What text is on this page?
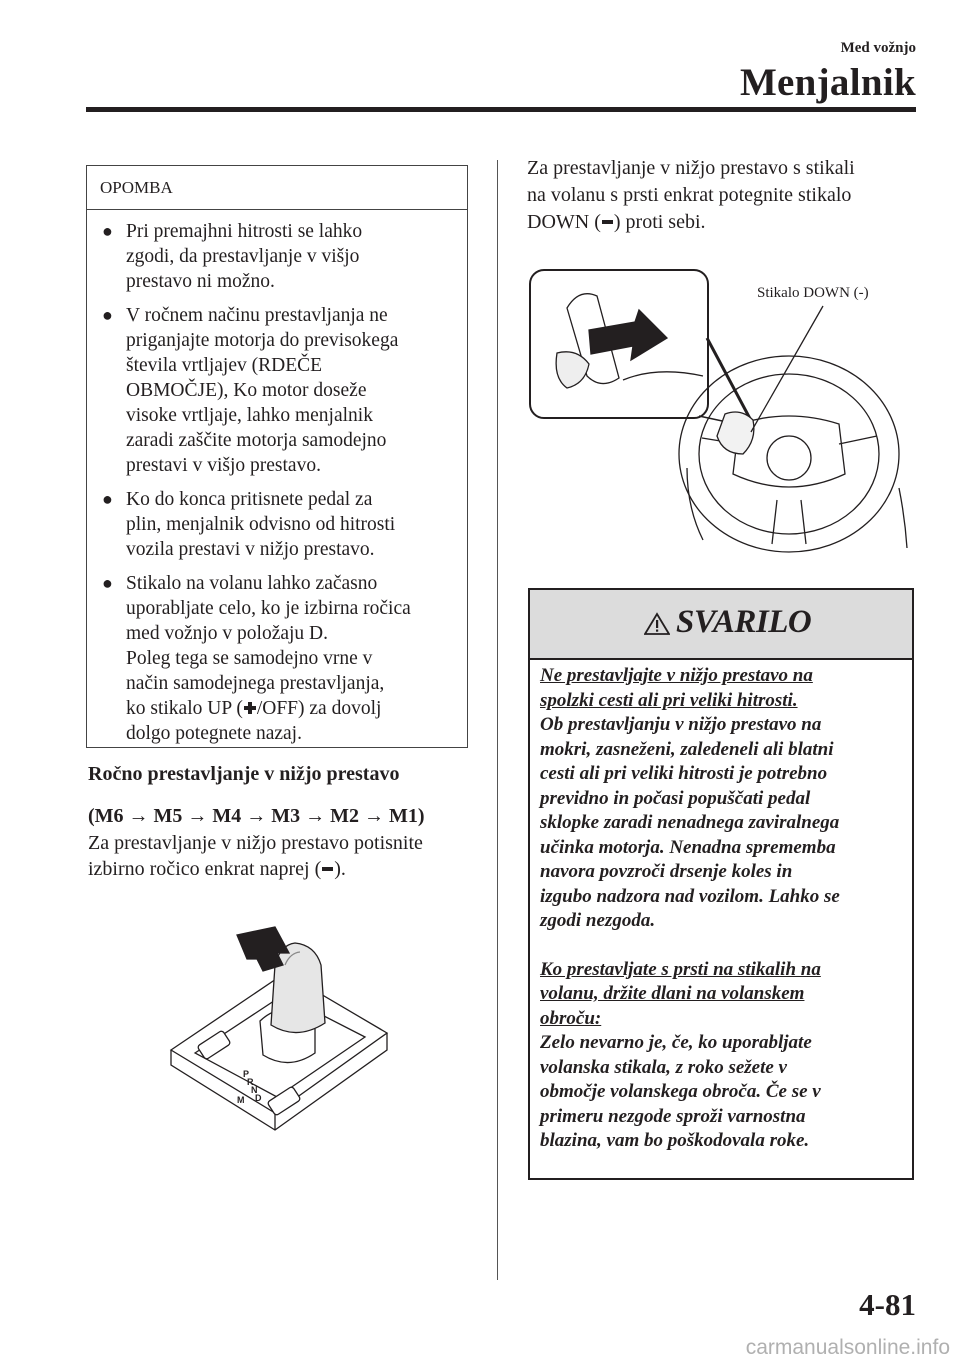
Med vožnjo
Menjalnik
OPOMBA
● Pri premajhni hitrosti se lahko
zgodi, da prestavljanje v višjo
prestavo ni možno.
● V ročnem načinu prestavljanja ne
priganjajte motorja do previsokega
števila vrtljajev (RDEČE
OBMOČJE), Ko motor doseže
visoke vrtljaje, lahko menjalnik
zaradi zaščite motorja samodejno
prestavi v višjo prestavo.
● Ko do konca pritisnete pedal za
plin, menjalnik odvisno od hitrosti
vozila prestavi v nižjo prestavo.
● Stikalo na volanu lahko začasno
uporabljate celo, ko je izbirna ročica
med vožnjo v položaju D.
Poleg tega se samodejno vrne v
način samodejnega prestavljanja,
ko stikalo UP ( /OFF) za dovolj
dolgo potegnete nazaj.
Ročno prestavljanje v nižjo prestavo
(M6 → M5 → M4 → M3 → M2 → M1)
Za prestavljanje v nižjo prestavo potisnite
izbirno ročico enkrat naprej ( ).
P
R
N
D
M
Za prestavljanje v nižjo prestavo s stikali
na volanu s prsti enkrat potegnite stikalo
DOWN ( ) proti sebi.
Stikalo DOWN (-)
SVARILO
Ne prestavljajte v nižjo prestavo na
spolzki cesti ali pri veliki hitrosti.
Ob prestavljanju v nižjo prestavo na
mokri, zasneženi, zaledeneli ali blatni
cesti ali pri veliki hitrosti je potrebno
previdno in počasi popuščati pedal
sklopke zaradi nenadnega zaviralnega
učinka motorja. Nenadna sprememba
navora povzroči drsenje koles in
izgubo nadzora nad vozilom. Lahko se
zgodi nezgoda.
Ko prestavljate s prsti na stikalih na
volanu, držite dlani na volanskem
obroču:
Zelo nevarno je, če, ko uporabljate
volanska stikala, z roko sežete v
območje volanskega obroča. Če se v
primeru nezgode sproži varnostna
blazina, vam bo poškodovala roke.
4-81
carmanualsonline.info
